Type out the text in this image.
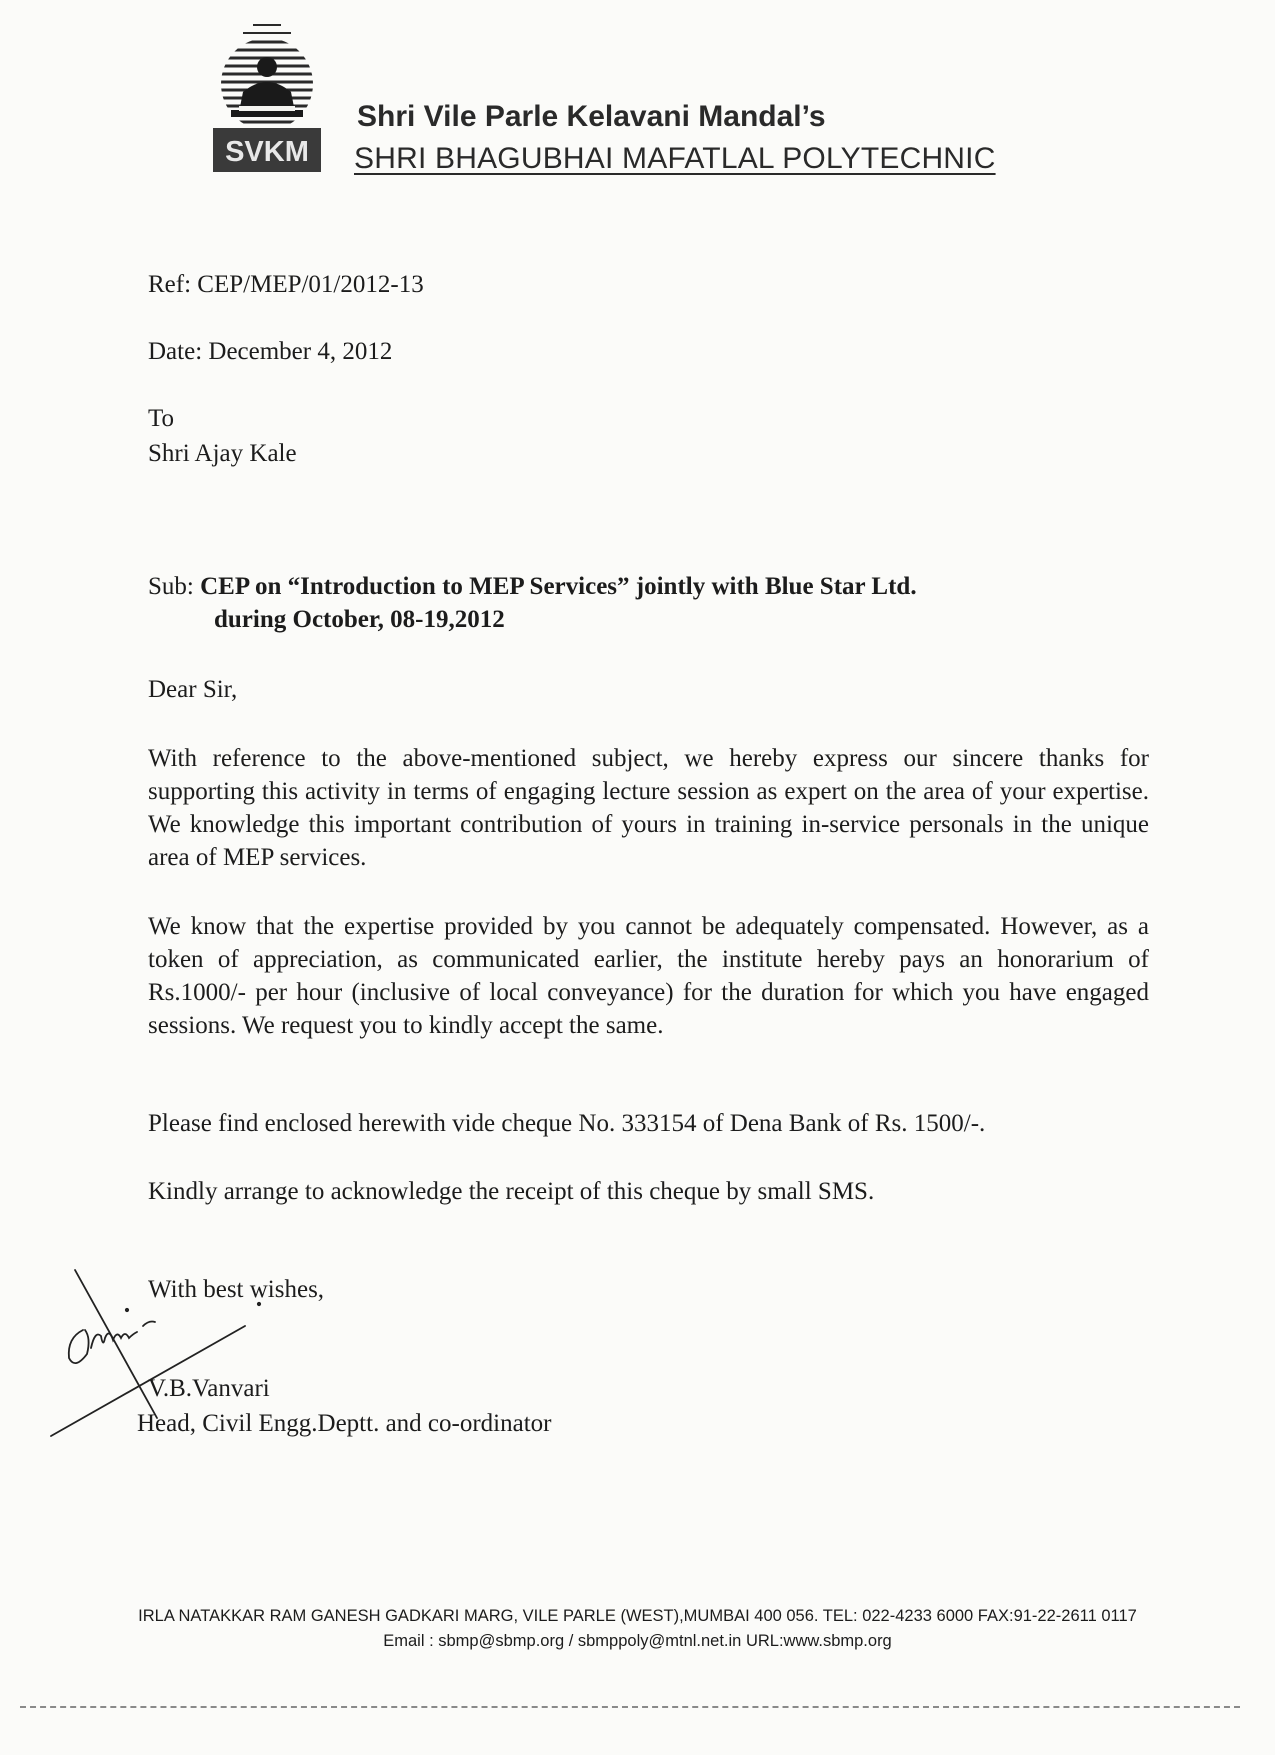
SVKM
Shri Vile Parle Kelavani Mandal’s
SHRI BHAGUBHAI MAFATLAL POLYTECHNIC
Ref: CEP/MEP/01/2012-13
Date: December 4, 2012
To
Shri Ajay Kale
Sub: CEP on “Introduction to MEP Services” jointly with Blue Star Ltd.
during October, 08-19,2012
Dear Sir,
With reference to the above-mentioned subject, we hereby express our sincere thanks for supporting this activity in terms of engaging lecture session as expert on the area of your expertise. We knowledge this important contribution of yours in training in-service personals in the unique area of MEP services.
We know that the expertise provided by you cannot be adequately compensated. However, as a token of appreciation, as communicated earlier, the institute hereby pays an honorarium of Rs.1000/- per hour (inclusive of local conveyance) for the duration for which you have engaged sessions. We request you to kindly accept the same.
Please find enclosed herewith vide cheque No. 333154 of Dena Bank of Rs. 1500/-.
Kindly arrange to acknowledge the receipt of this cheque by small SMS.
With best wishes,
V.B.Vanvari
Head, Civil Engg.Deptt. and co-ordinator
IRLA NATAKKAR RAM GANESH GADKARI MARG, VILE PARLE (WEST),MUMBAI 400 056. TEL: 022-4233 6000 FAX:91-22-2611 0117
Email : sbmp@sbmp.org / sbmppoly@mtnl.net.in URL:www.sbmp.org
